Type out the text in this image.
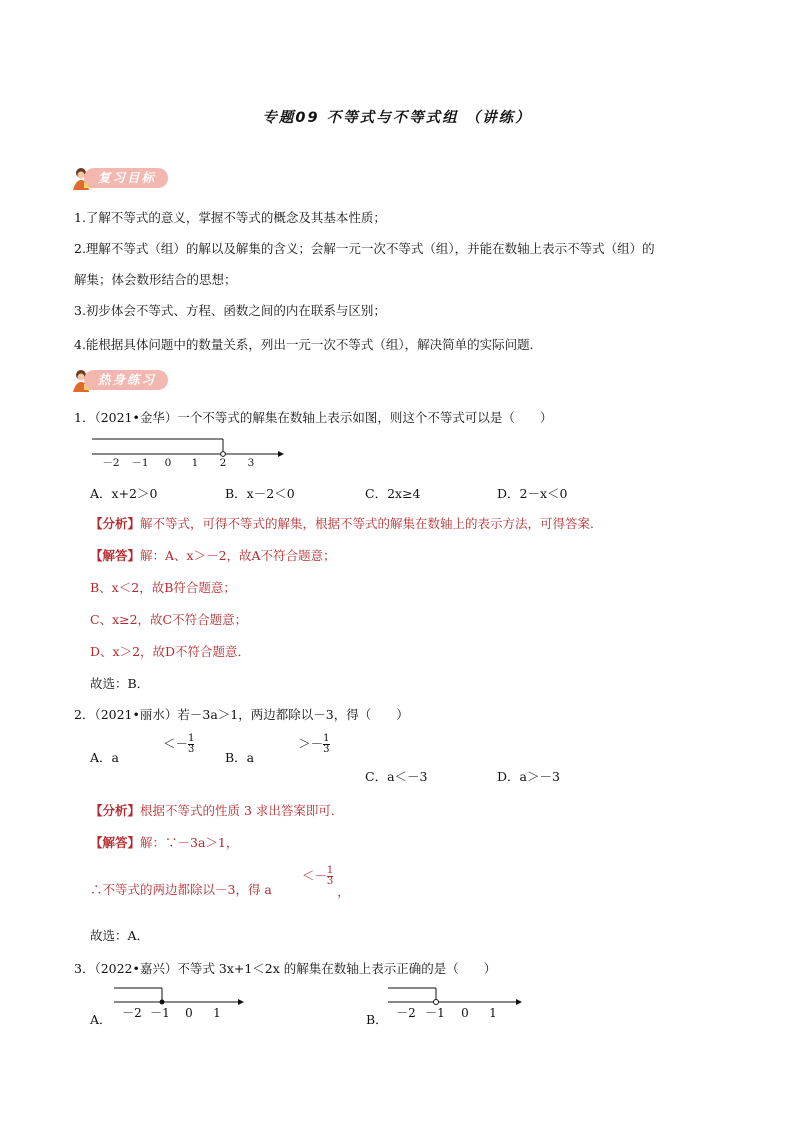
专题09 不等式与不等式组 （讲练）
复习目标
1.了解不等式的意义，掌握不等式的概念及其基本性质；
2.理解不等式（组）的解以及解集的含义；会解一元一次不等式（组），并能在数轴上表示不等式（组）的
解集；体会数形结合的思想；
3.初步体会不等式、方程、函数之间的内在联系与区别；
4.能根据具体问题中的数量关系，列出一元一次不等式（组），解决简单的实际问题.
热身练习
1．（2021•金华）一个不等式的解集在数轴上表示如图，则这个不等式可以是（　　）
－2 －1 0 1 2 3
A．x+2＞0	B．x－2＜0	C．2x≥4	D．2－x＜0
【分析】解不等式，可得不等式的解集，根据不等式的解集在数轴上的表示方法，可得答案．
【解答】解：A、x＞－2，故A不符合题意；
B、x＜2，故B符合题意；
C、x≥2，故C不符合题意；
D、x＞2，故D不符合题意．
故选：B．
2．（2021•丽水）若－3a＞1，两边都除以－3，得（　　）
A．$a <-\frac{1}{3}$
B．$a >-\frac{1}{3}$
C．a＜－3	D．a＞－3
【分析】根据不等式的性质 3 求出答案即可．
【解答】解：∵－3a＞1，
∴不等式的两边都除以－3，得 $a <-\frac{1}{3}$
，
故选：A．
3．（2022•嘉兴）不等式 3x+1＜2x 的解集在数轴上表示正确的是（　　）
A． －2 －1 0 1	B． －2 －1 0 1
